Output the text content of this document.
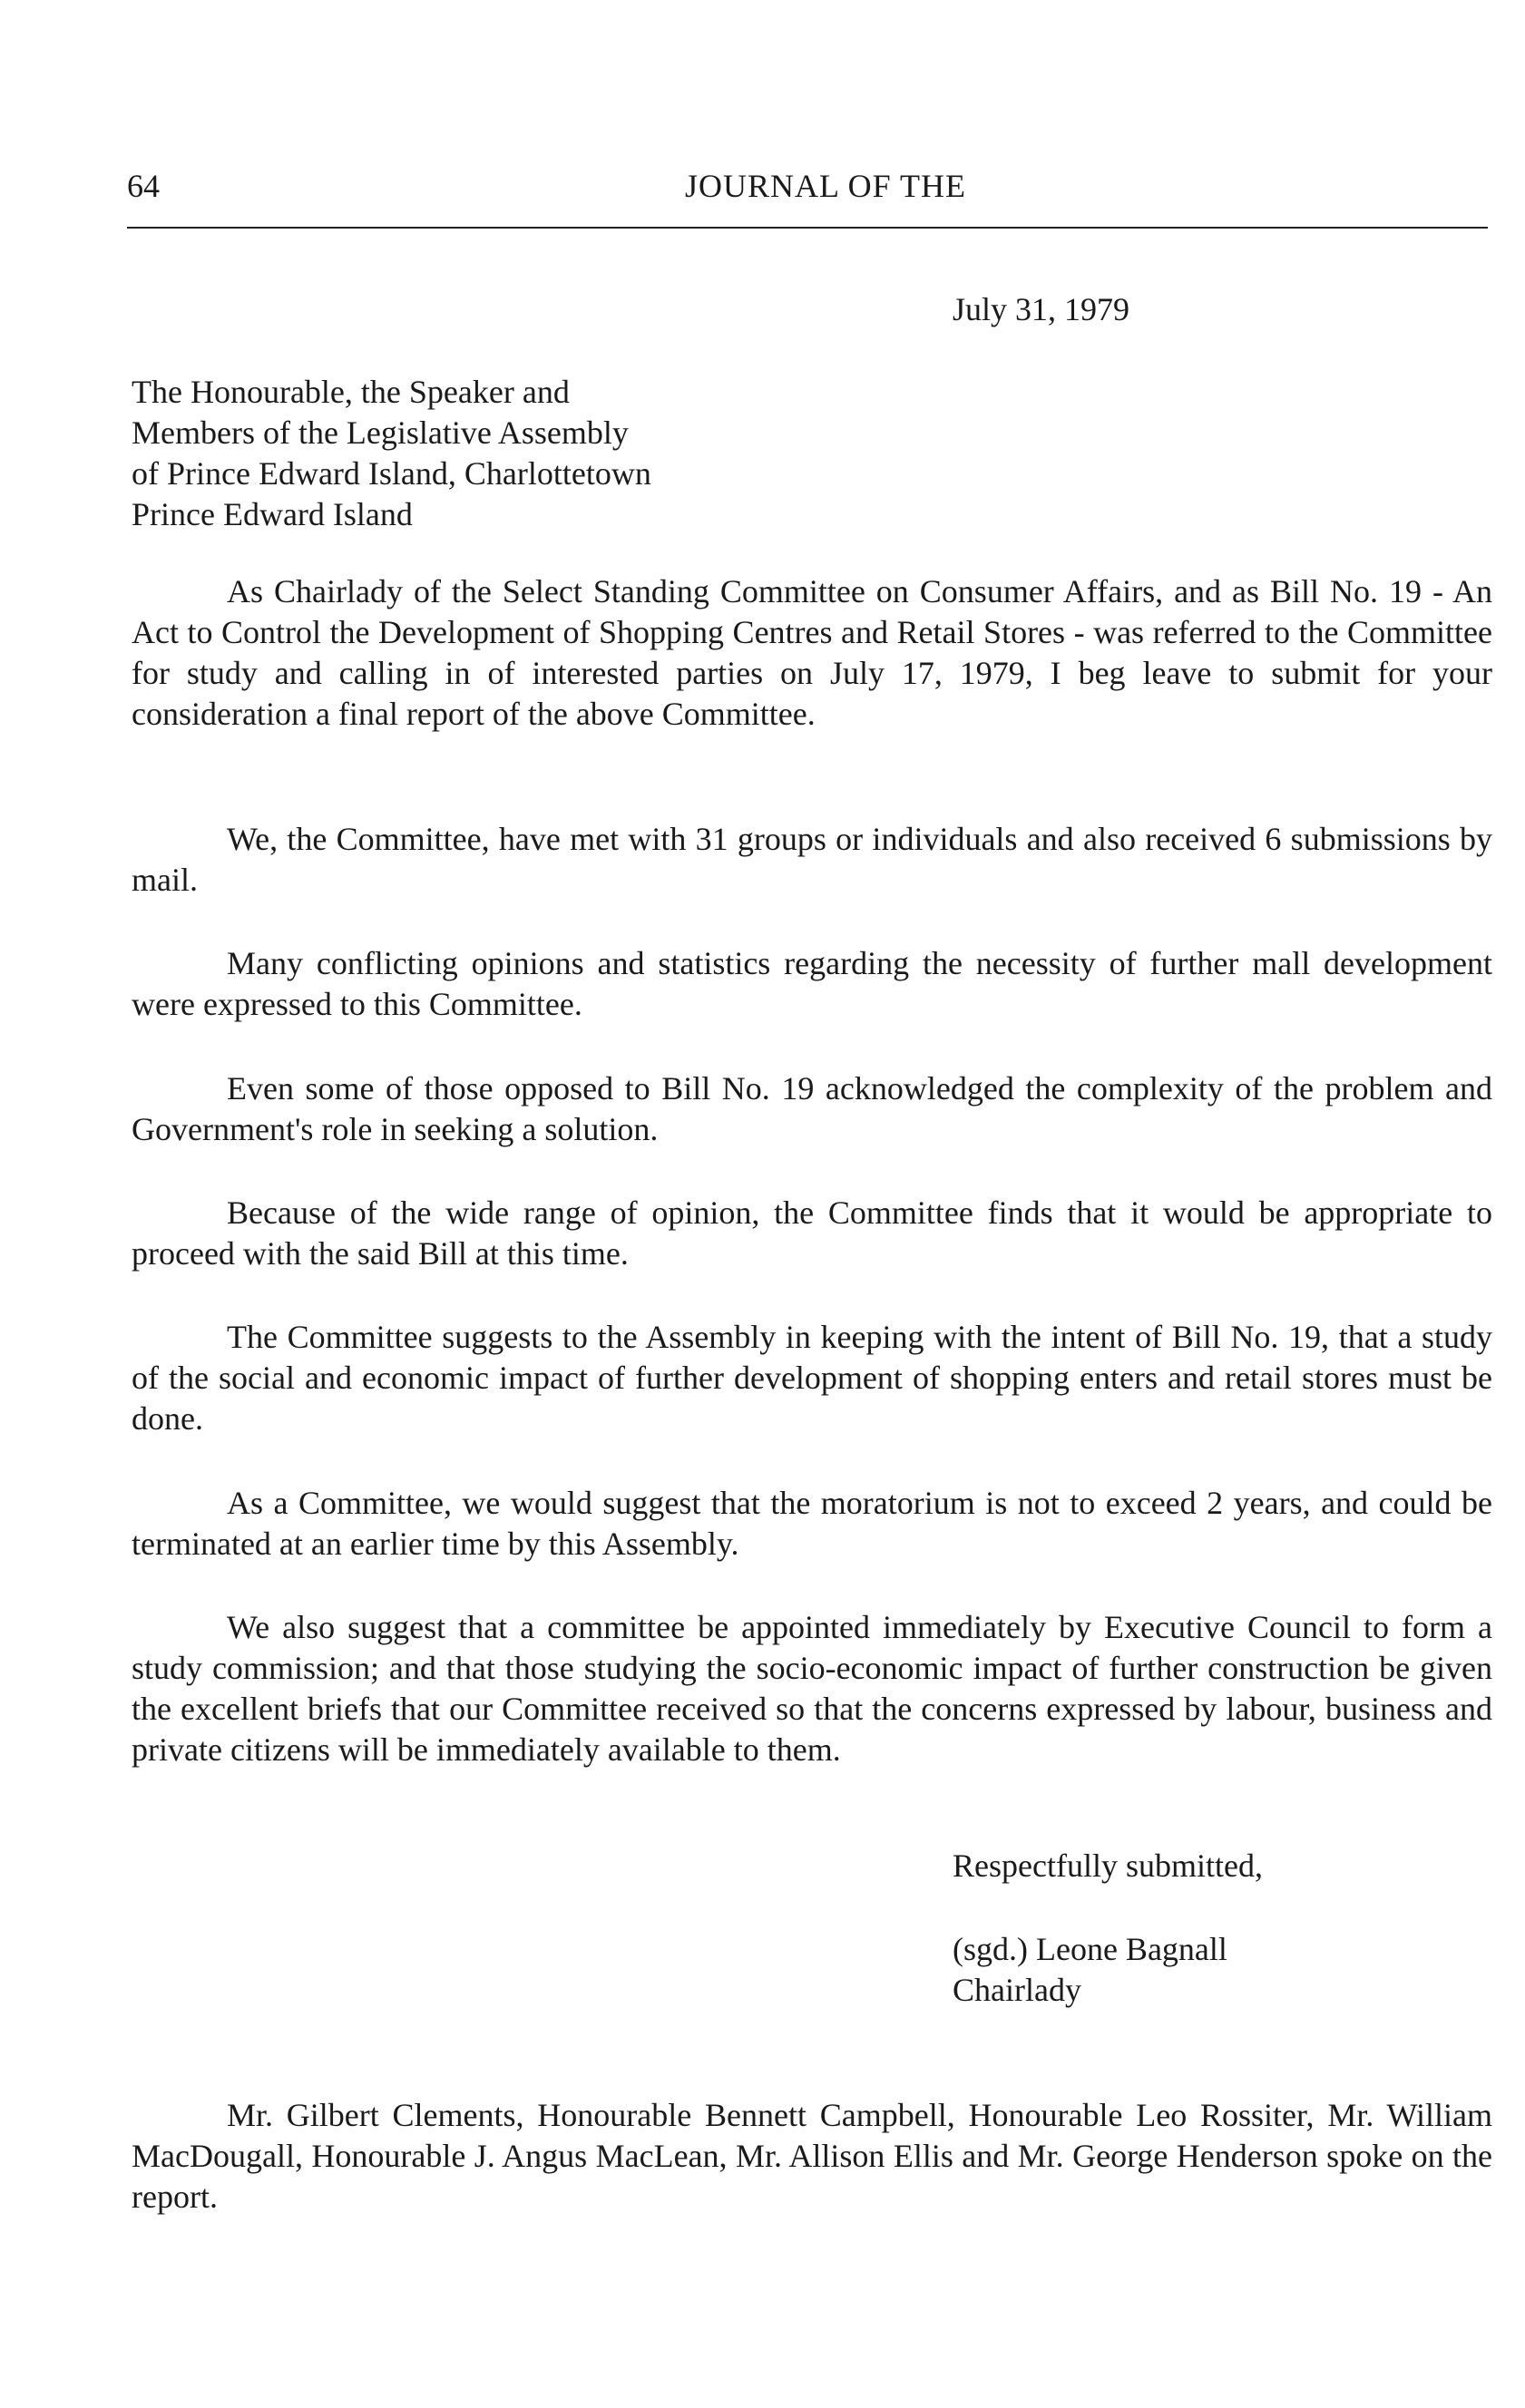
64	JOURNAL OF THE
July 31, 1979
The Honourable, the Speaker and
Members of the Legislative Assembly
of Prince Edward Island, Charlottetown
Prince Edward Island

As Chairlady of the Select Standing Committee on Consumer Affairs, and as Bill No. 19 - An Act to Control the Development of Shopping Centres and Retail Stores - was referred to the Committee for study and calling in of interested parties on July 17, 1979, I beg leave to submit for your consideration a final report of the above Committee.

We, the Committee, have met with 31 groups or individuals and also received 6 submissions by mail.

Many conflicting opinions and statistics regarding the necessity of further mall development were expressed to this Committee.

Even some of those opposed to Bill No. 19 acknowledged the complexity of the problem and Government's role in seeking a solution.

Because of the wide range of opinion, the Committee finds that it would be appropriate to proceed with the said Bill at this time.

The Committee suggests to the Assembly in keeping with the intent of Bill No. 19, that a study of the social and economic impact of further development of shopping enters and retail stores must be done.

As a Committee, we would suggest that the moratorium is not to exceed 2 years, and could be terminated at an earlier time by this Assembly.

We also suggest that a committee be appointed immediately by Executive Council to form a study commission; and that those studying the socio-economic impact of further construction be given the excellent briefs that our Committee received so that the concerns expressed by labour, business and private citizens will be immediately available to them.

Respectfully submitted,
(sgd.) Leone Bagnall
Chairlady

Mr. Gilbert Clements, Honourable Bennett Campbell, Honourable Leo Rossiter, Mr. William MacDougall, Honourable J. Angus MacLean, Mr. Allison Ellis and Mr. George Henderson spoke on the report.
